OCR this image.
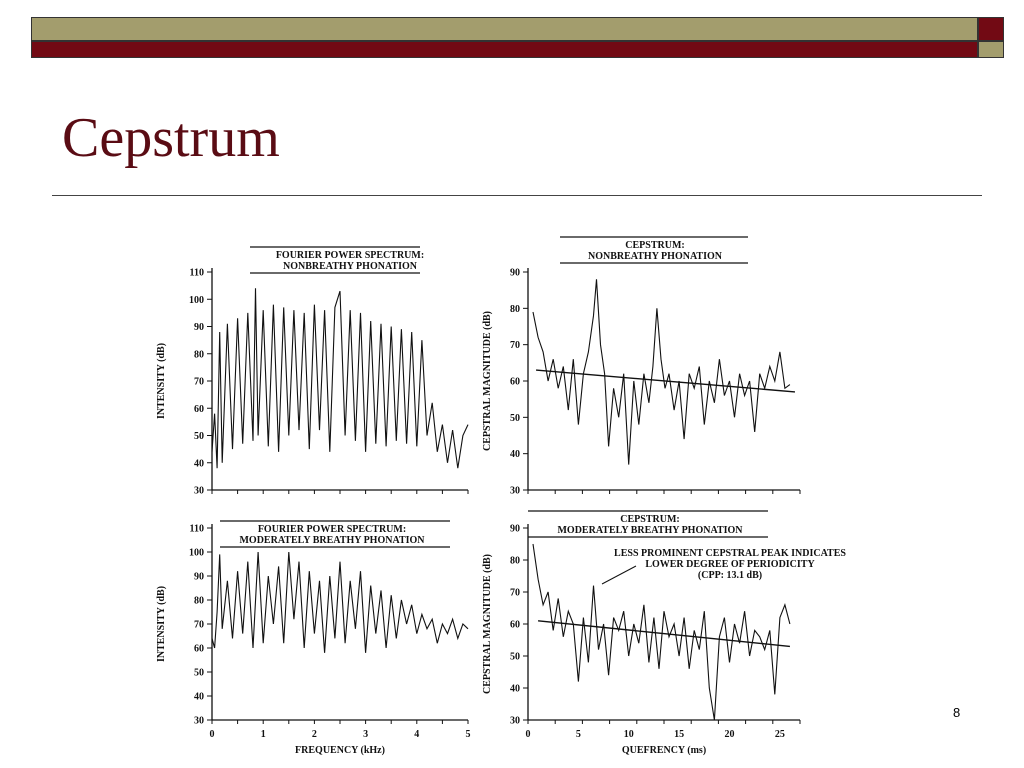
Cepstrum
30
40
50
60
70
80
90
100
110
FOURIER POWER SPECTRUM:
NONBREATHY PHONATION
INTENSITY (dB)
30
40
50
60
70
80
90
CEPSTRUM:
NONBREATHY PHONATION
CEPSTRAL MAGNITUDE (dB)
30
40
50
60
70
80
90
100
110
0	1	2	3	4	5
FOURIER POWER SPECTRUM:
MODERATELY BREATHY PHONATION
INTENSITY (dB)
FREQUENCY (kHz)
30
40
50
60
70
80
90
0	5	10	15	20	25
CEPSTRUM:
MODERATELY BREATHY PHONATION
CEPSTRAL MAGNITUDE (dB)
QUEFRENCY (ms)
LESS PROMINENT CEPSTRAL PEAK INDICATES
LOWER DEGREE OF PERIODICITY
(CPP: 13.1 dB)
8
